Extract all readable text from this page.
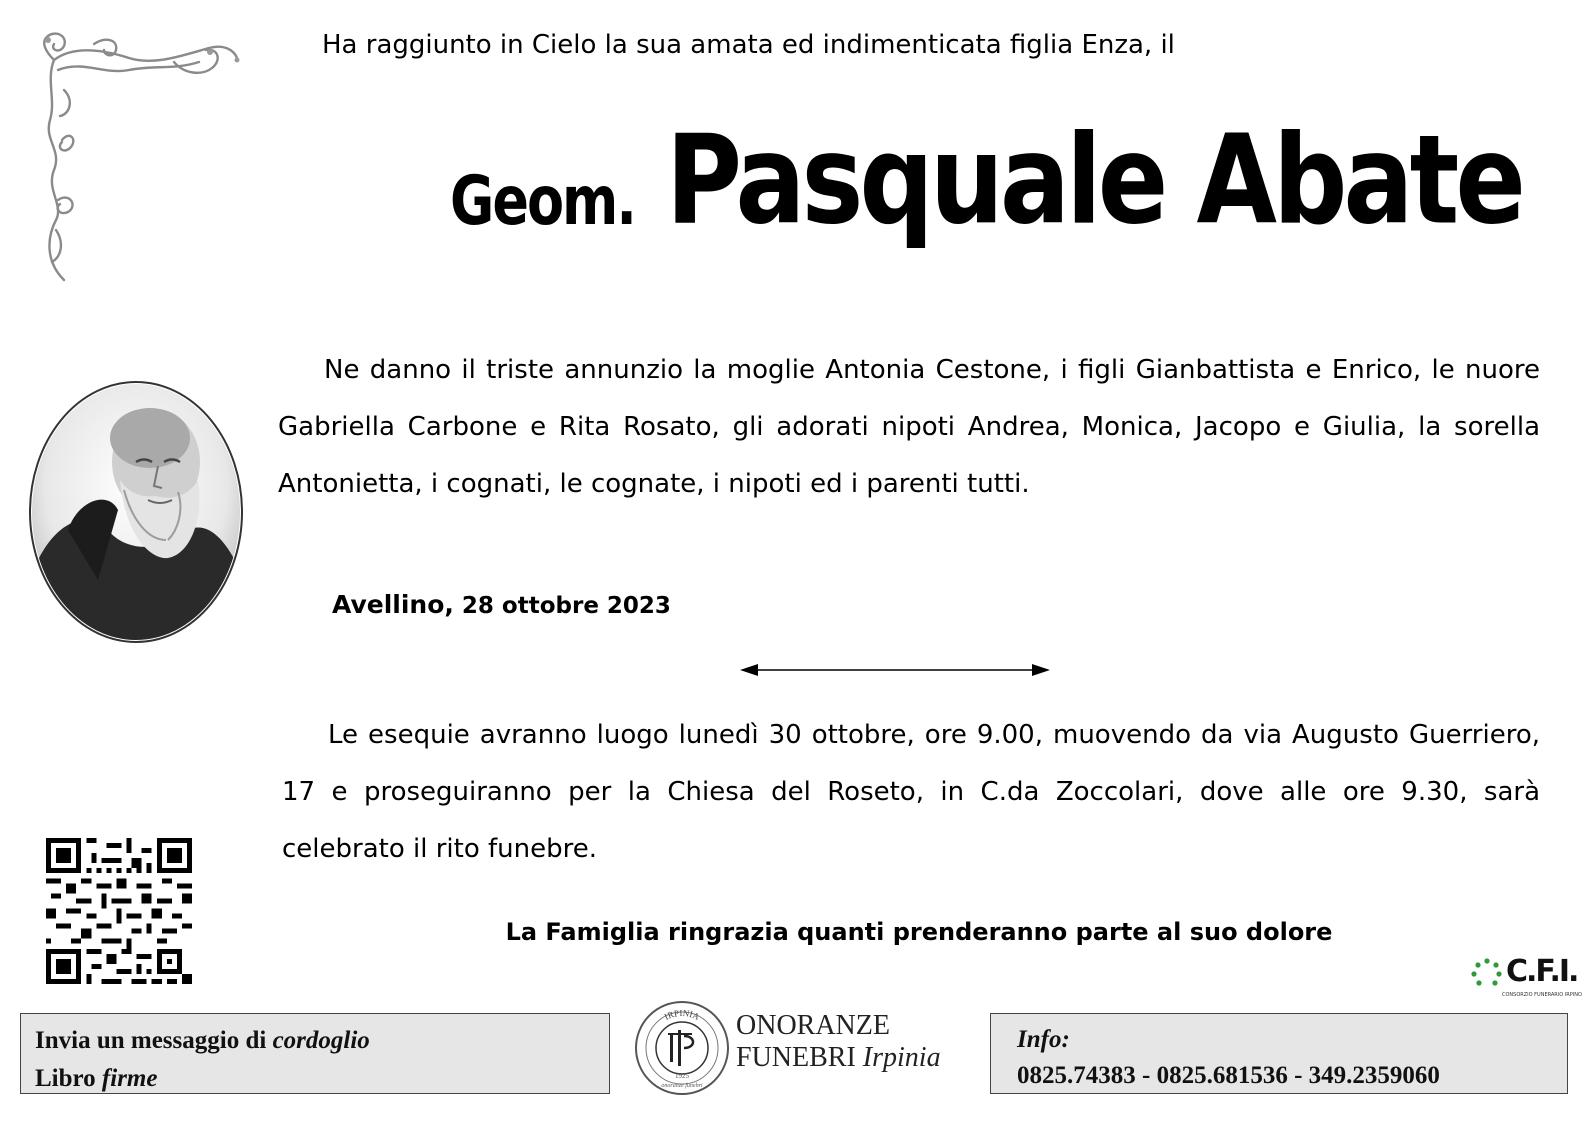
Ha raggiunto in Cielo la sua amata ed indimenticata figlia Enza, il
Geom. Pasquale Abate
Ne danno il triste annunzio la moglie Antonia Cestone, i figli Gianbattista e Enrico, le nuore Gabriella Carbone e Rita Rosato, gli adorati nipoti Andrea, Monica, Jacopo e Giulia, la sorella Antonietta, i cognati, le cognate, i nipoti ed i parenti tutti.
Avellino, 28 ottobre 2023
Le esequie avranno luogo lunedì 30 ottobre, ore 9.00, muovendo da via Augusto Guerriero, 17 e proseguiranno per la Chiesa del Roseto, in C.da Zoccolari, dove alle ore 9.30, sarà celebrato il rito funebre.
La Famiglia ringrazia quanti prenderanno parte al suo dolore
C.F.I.
CONSORZIO FUNERARIO IRPINO
Invia un messaggio di cordoglio
Libro firme
IRPINIA
1925
onoranze funebri
ONORANZE
FUNEBRI Irpinia
Info:
0825.74383 - 0825.681536 - 349.2359060
